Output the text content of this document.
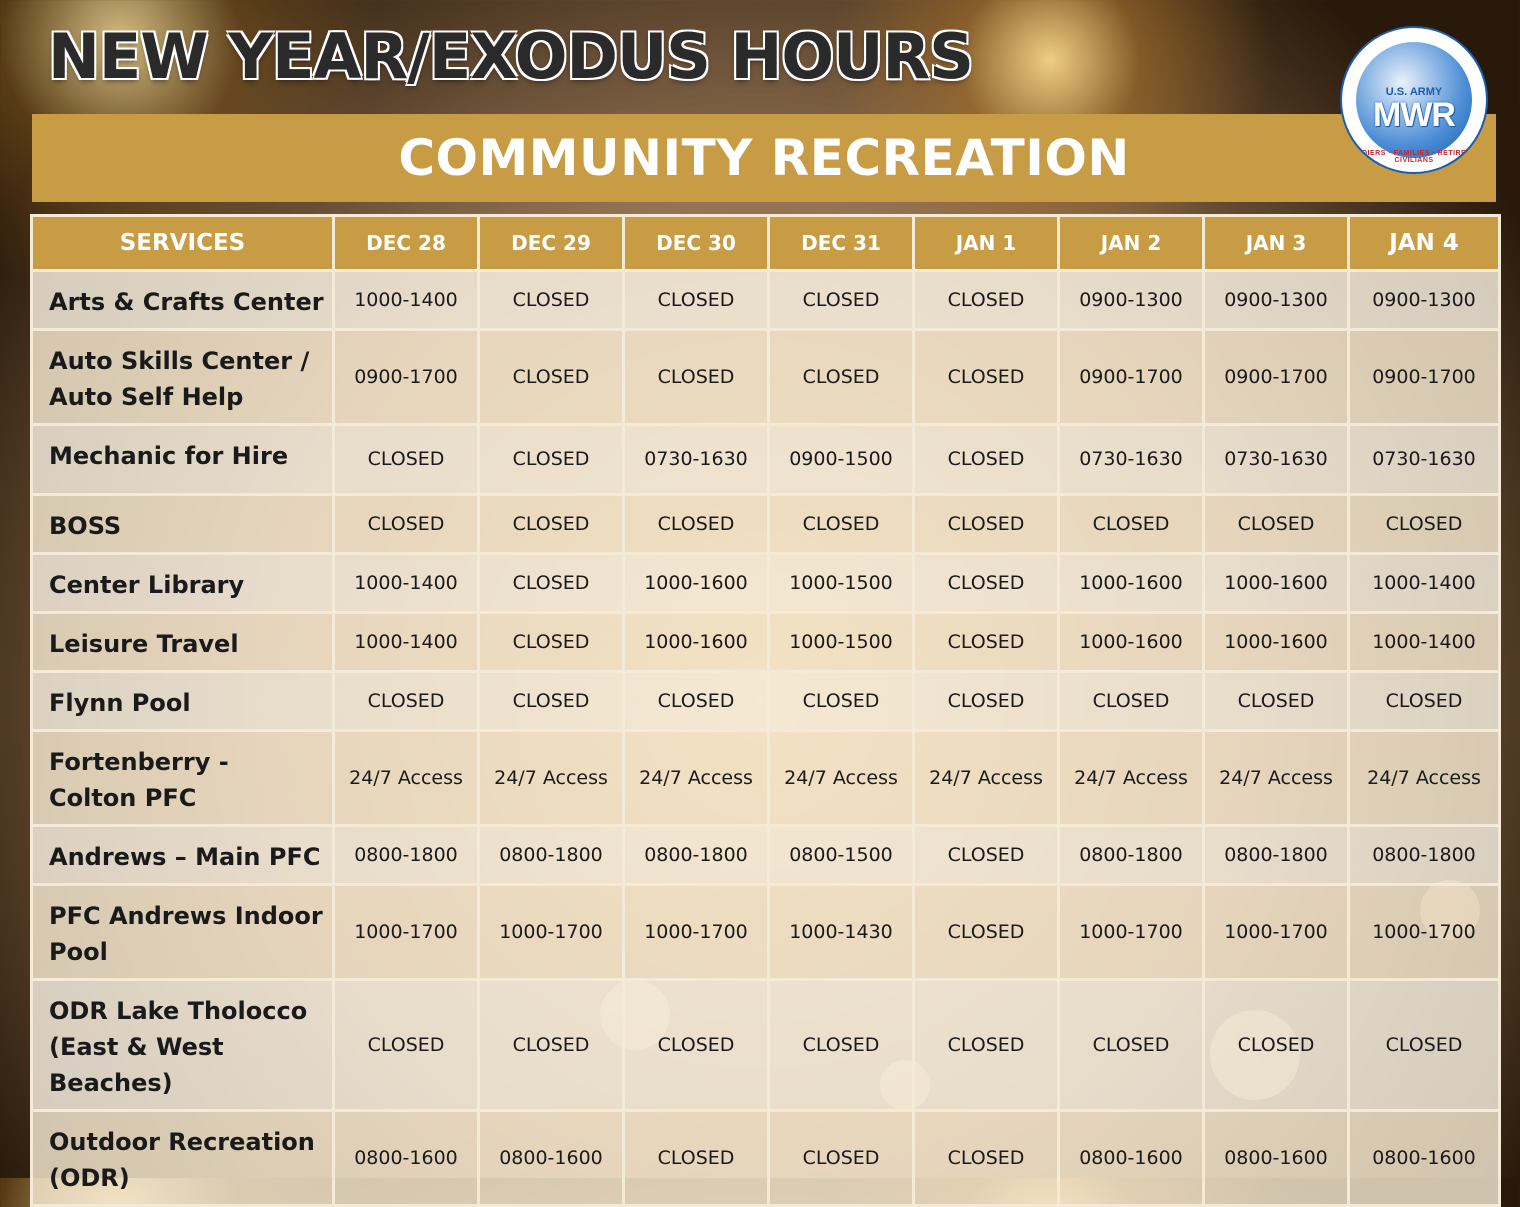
NEW YEAR/EXODUS HOURS
COMMUNITY RECREATION
U.S. ARMY
MWR
SOLDIERS · FAMILIES · RETIREES · CIVILIANS
SERVICES	DEC 28	DEC 29	DEC 30	DEC 31	JAN 1	JAN 2	JAN 3	JAN 4
Arts & Crafts Center	1000-1400	CLOSED	CLOSED	CLOSED	CLOSED	0900-1300	0900-1300	0900-1300
Auto Skills Center / Auto Self Help	0900-1700	CLOSED	CLOSED	CLOSED	CLOSED	0900-1700	0900-1700	0900-1700
Mechanic for Hire	CLOSED	CLOSED	0730-1630	0900-1500	CLOSED	0730-1630	0730-1630	0730-1630
BOSS	CLOSED	CLOSED	CLOSED	CLOSED	CLOSED	CLOSED	CLOSED	CLOSED
Center Library	1000-1400	CLOSED	1000-1600	1000-1500	CLOSED	1000-1600	1000-1600	1000-1400
Leisure Travel	1000-1400	CLOSED	1000-1600	1000-1500	CLOSED	1000-1600	1000-1600	1000-1400
Flynn Pool	CLOSED	CLOSED	CLOSED	CLOSED	CLOSED	CLOSED	CLOSED	CLOSED
Fortenberry - Colton PFC	24/7 Access	24/7 Access	24/7 Access	24/7 Access	24/7 Access	24/7 Access	24/7 Access	24/7 Access
Andrews – Main PFC	0800-1800	0800-1800	0800-1800	0800-1500	CLOSED	0800-1800	0800-1800	0800-1800
PFC Andrews Indoor Pool	1000-1700	1000-1700	1000-1700	1000-1430	CLOSED	1000-1700	1000-1700	1000-1700
ODR Lake Tholocco (East & West Beaches)	CLOSED	CLOSED	CLOSED	CLOSED	CLOSED	CLOSED	CLOSED	CLOSED
Outdoor Recreation (ODR)	0800-1600	0800-1600	CLOSED	CLOSED	CLOSED	0800-1600	0800-1600	0800-1600
